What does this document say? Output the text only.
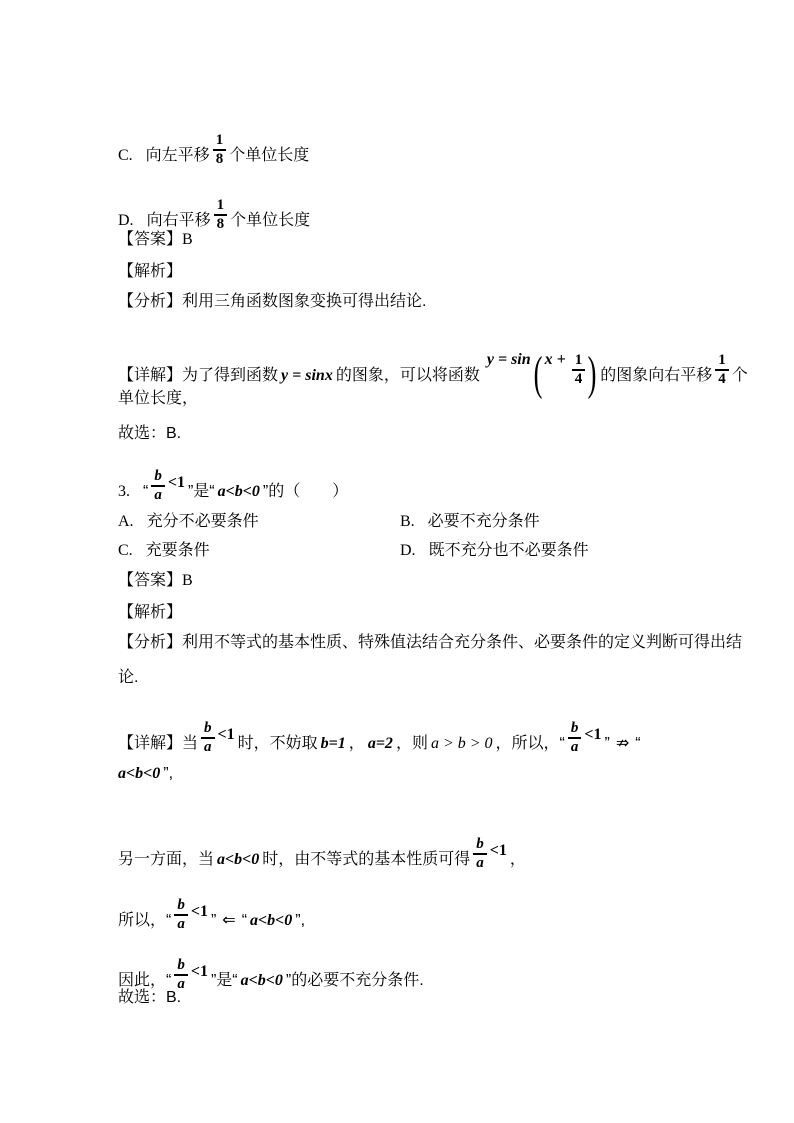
C. 向左平移 $\frac{1}{8}$ 个单位长度
D. 向右平移 $\frac{1}{8}$ 个单位长度
【答案】B
【解析】
【分析】利用三角函数图象变换可得出结论.
【详解】为了得到函数 y = sinx 的图象，可以将函数y = sin( $x + \frac{1}{4}$ ) 的图象向右平移 $\frac{1}{4}$ 个
单位长度，
故选：B.
3. “ $\frac{b}{a} <1$”是“ a<b<0 ”的（　　）
A. 充分不必要条件	B. 必要不充分条件
C. 充要条件	D. 既不充分也不必要条件
【答案】B
【解析】
【分析】利用不等式的基本性质、特殊值法结合充分条件、必要条件的定义判断可得出结
论.
【详解】当 $\frac{b}{a} <1$时，不妨取 b=1 ， a=2 ，则 a > b > 0 ，所以，“ $\frac{b}{a} <1$” ⇏ “
a<b<0 ”,
另一方面，当 a<b<0 时，由不等式的基本性质可得 $\frac{b}{a} <1$，
所以，“ $\frac{b}{a} <1$” ⇐ “ a<b<0 ”,
因此，“ $\frac{b}{a} <1$”是“ a<b<0 ”的必要不充分条件.
故选：B.
